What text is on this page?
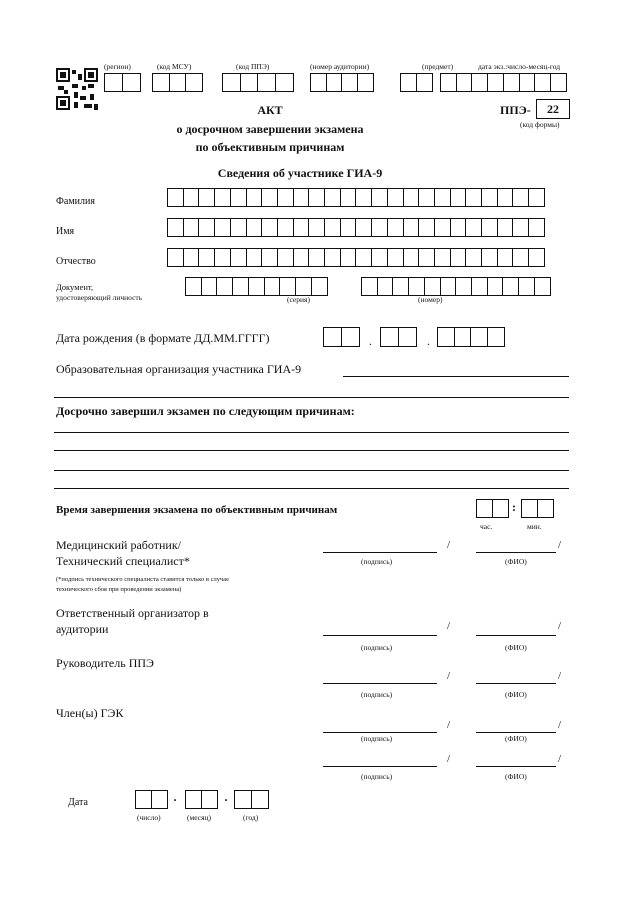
(регион)	(код МСУ)	(код ППЭ)	(номер аудитории)	(предмет)	дата экз.:число-месяц-год
АКТ
о досрочном завершении экзамена
по объективным причинам
ППЭ-	22
(код формы)
Сведения об участнике ГИА-9
Фамилия
Имя
Отчество
Документ,
удостоверяющий личность	(серия)	(номер)
Дата рождения (в формате ДД.ММ.ГГГГ)	.	.
Образовательная организация участника ГИА-9
Досрочно завершил экзамен по следующим причинам:
Время завершения экзамена по объективным причинам	:
час.	мин.
Медицинский работник/
Технический специалист*
(*подпись технического специалиста ставится только в случае
технического сбоя при проведении экзамена)
/	/
(подпись)	(ФИО)
Ответственный организатор в
аудитории	/	/
(подпись)	(ФИО)
Руководитель ППЭ
/	/
(подпись)	(ФИО)
Член(ы) ГЭК
/	/
(подпись)	(ФИО)
/	/
(подпись)	(ФИО)
Дата	·	·
(число)	(месяц)	(год)
